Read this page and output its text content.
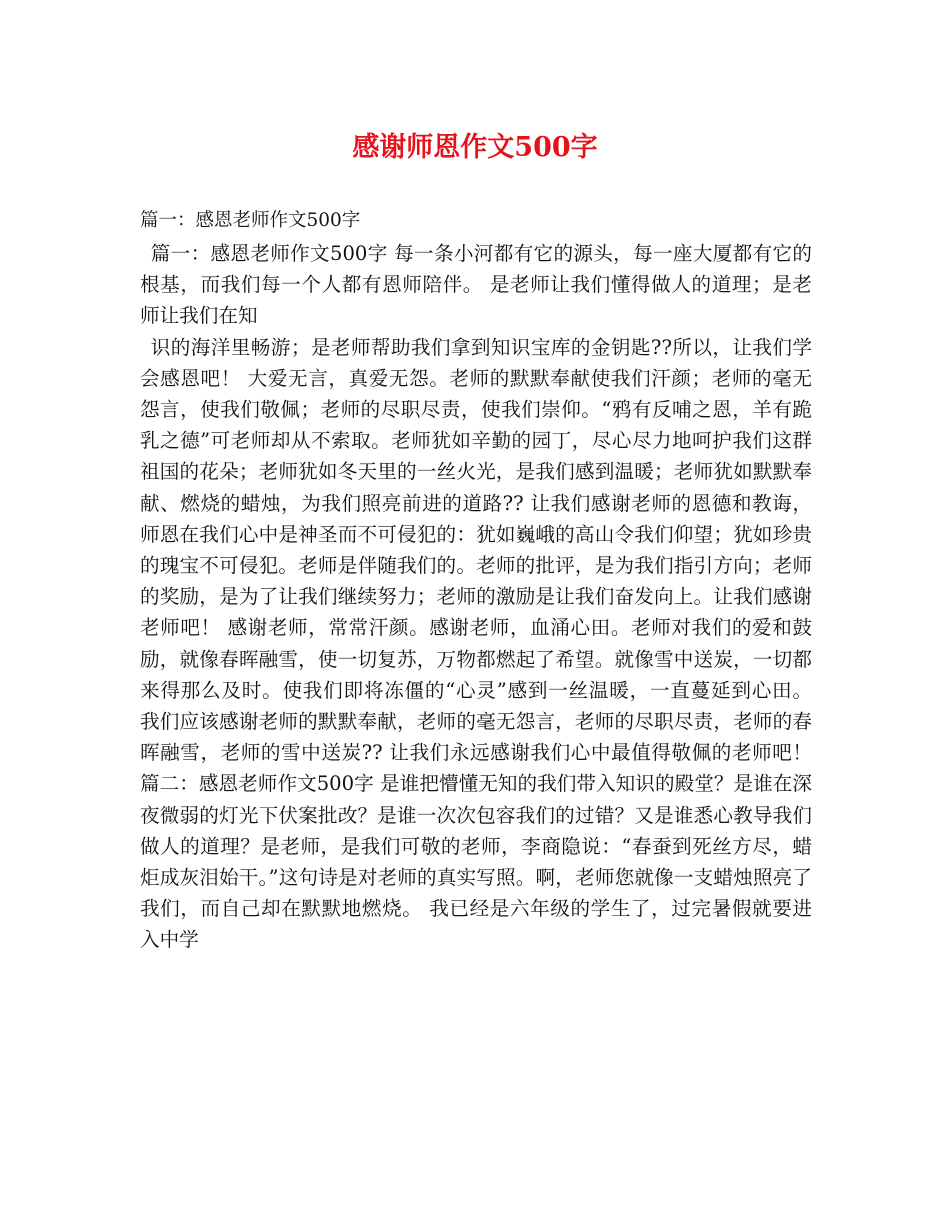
感谢师恩作文500字

篇一：感恩老师作文500字

篇一：感恩老师作文500字 每一条小河都有它的源头，每一座大厦都有它的根基，而我们每一个人都有恩师陪伴。 是老师让我们懂得做人的道理；是老师让我们在知

识的海洋里畅游；是老师帮助我们拿到知识宝库的金钥匙??所以，让我们学会感恩吧！ 大爱无言，真爱无怨。老师的默默奉献使我们汗颜；老师的毫无怨言，使我们敬佩；老师的尽职尽责，使我们崇仰。“鸦有反哺之恩，羊有跪乳之德”可老师却从不索取。老师犹如辛勤的园丁，尽心尽力地呵护我们这群祖国的花朵；老师犹如冬天里的一丝火光，是我们感到温暖；老师犹如默默奉献、燃烧的蜡烛，为我们照亮前进的道路?? 让我们感谢老师的恩德和教诲，师恩在我们心中是神圣而不可侵犯的：犹如巍峨的高山令我们仰望；犹如珍贵的瑰宝不可侵犯。老师是伴随我们的。老师的批评，是为我们指引方向；老师的奖励，是为了让我们继续努力；老师的激励是让我们奋发向上。让我们感谢老师吧！ 感谢老师，常常汗颜。感谢老师，血涌心田。老师对我们的爱和鼓励，就像春晖融雪，使一切复苏，万物都燃起了希望。就像雪中送炭，一切都来得那么及时。使我们即将冻僵的“心灵”感到一丝温暖，一直蔓延到心田。 我们应该感谢老师的默默奉献，老师的毫无怨言，老师的尽职尽责，老师的春晖融雪，老师的雪中送炭?? 让我们永远感谢我们心中最值得敬佩的老师吧！ 篇二：感恩老师作文500字 是谁把懵懂无知的我们带入知识的殿堂？是谁在深夜微弱的灯光下伏案批改？是谁一次次包容我们的过错？又是谁悉心教导我们做人的道理？是老师，是我们可敬的老师，李商隐说：“春蚕到死丝方尽，蜡炬成灰泪始干。”这句诗是对老师的真实写照。啊，老师您就像一支蜡烛照亮了我们，而自己却在默默地燃烧。 我已经是六年级的学生了，过完暑假就要进入中学
